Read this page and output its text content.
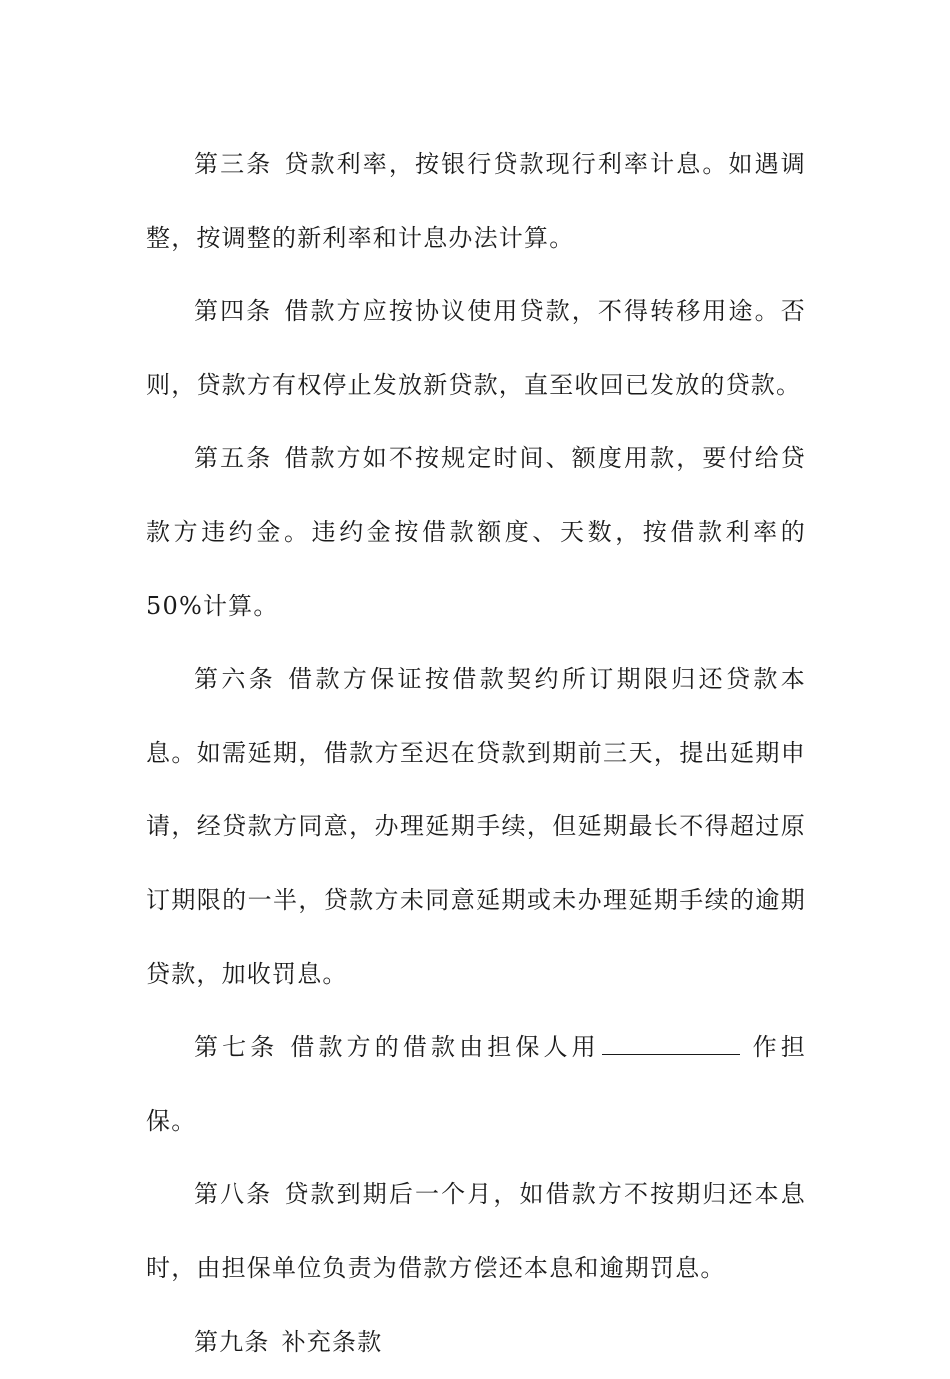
第三条 贷款利率，按银行贷款现行利率计息。如遇调整，按调整的新利率和计息办法计算。

第四条 借款方应按协议使用贷款，不得转移用途。否则，贷款方有权停止发放新贷款，直至收回已发放的贷款。

第五条 借款方如不按规定时间、额度用款，要付给贷款方违约金。违约金按借款额度、天数，按借款利率的50%计算。

第六条 借款方保证按借款契约所订期限归还贷款本息。如需延期，借款方至迟在贷款到期前三天，提出延期申请，经贷款方同意，办理延期手续，但延期最长不得超过原订期限的一半，贷款方未同意延期或未办理延期手续的逾期贷款，加收罚息。

第七条 借款方的借款由担保人用	作担保。

第八条 贷款到期后一个月，如借款方不按期归还本息时，由担保单位负责为借款方偿还本息和逾期罚息。

第九条 补充条款
